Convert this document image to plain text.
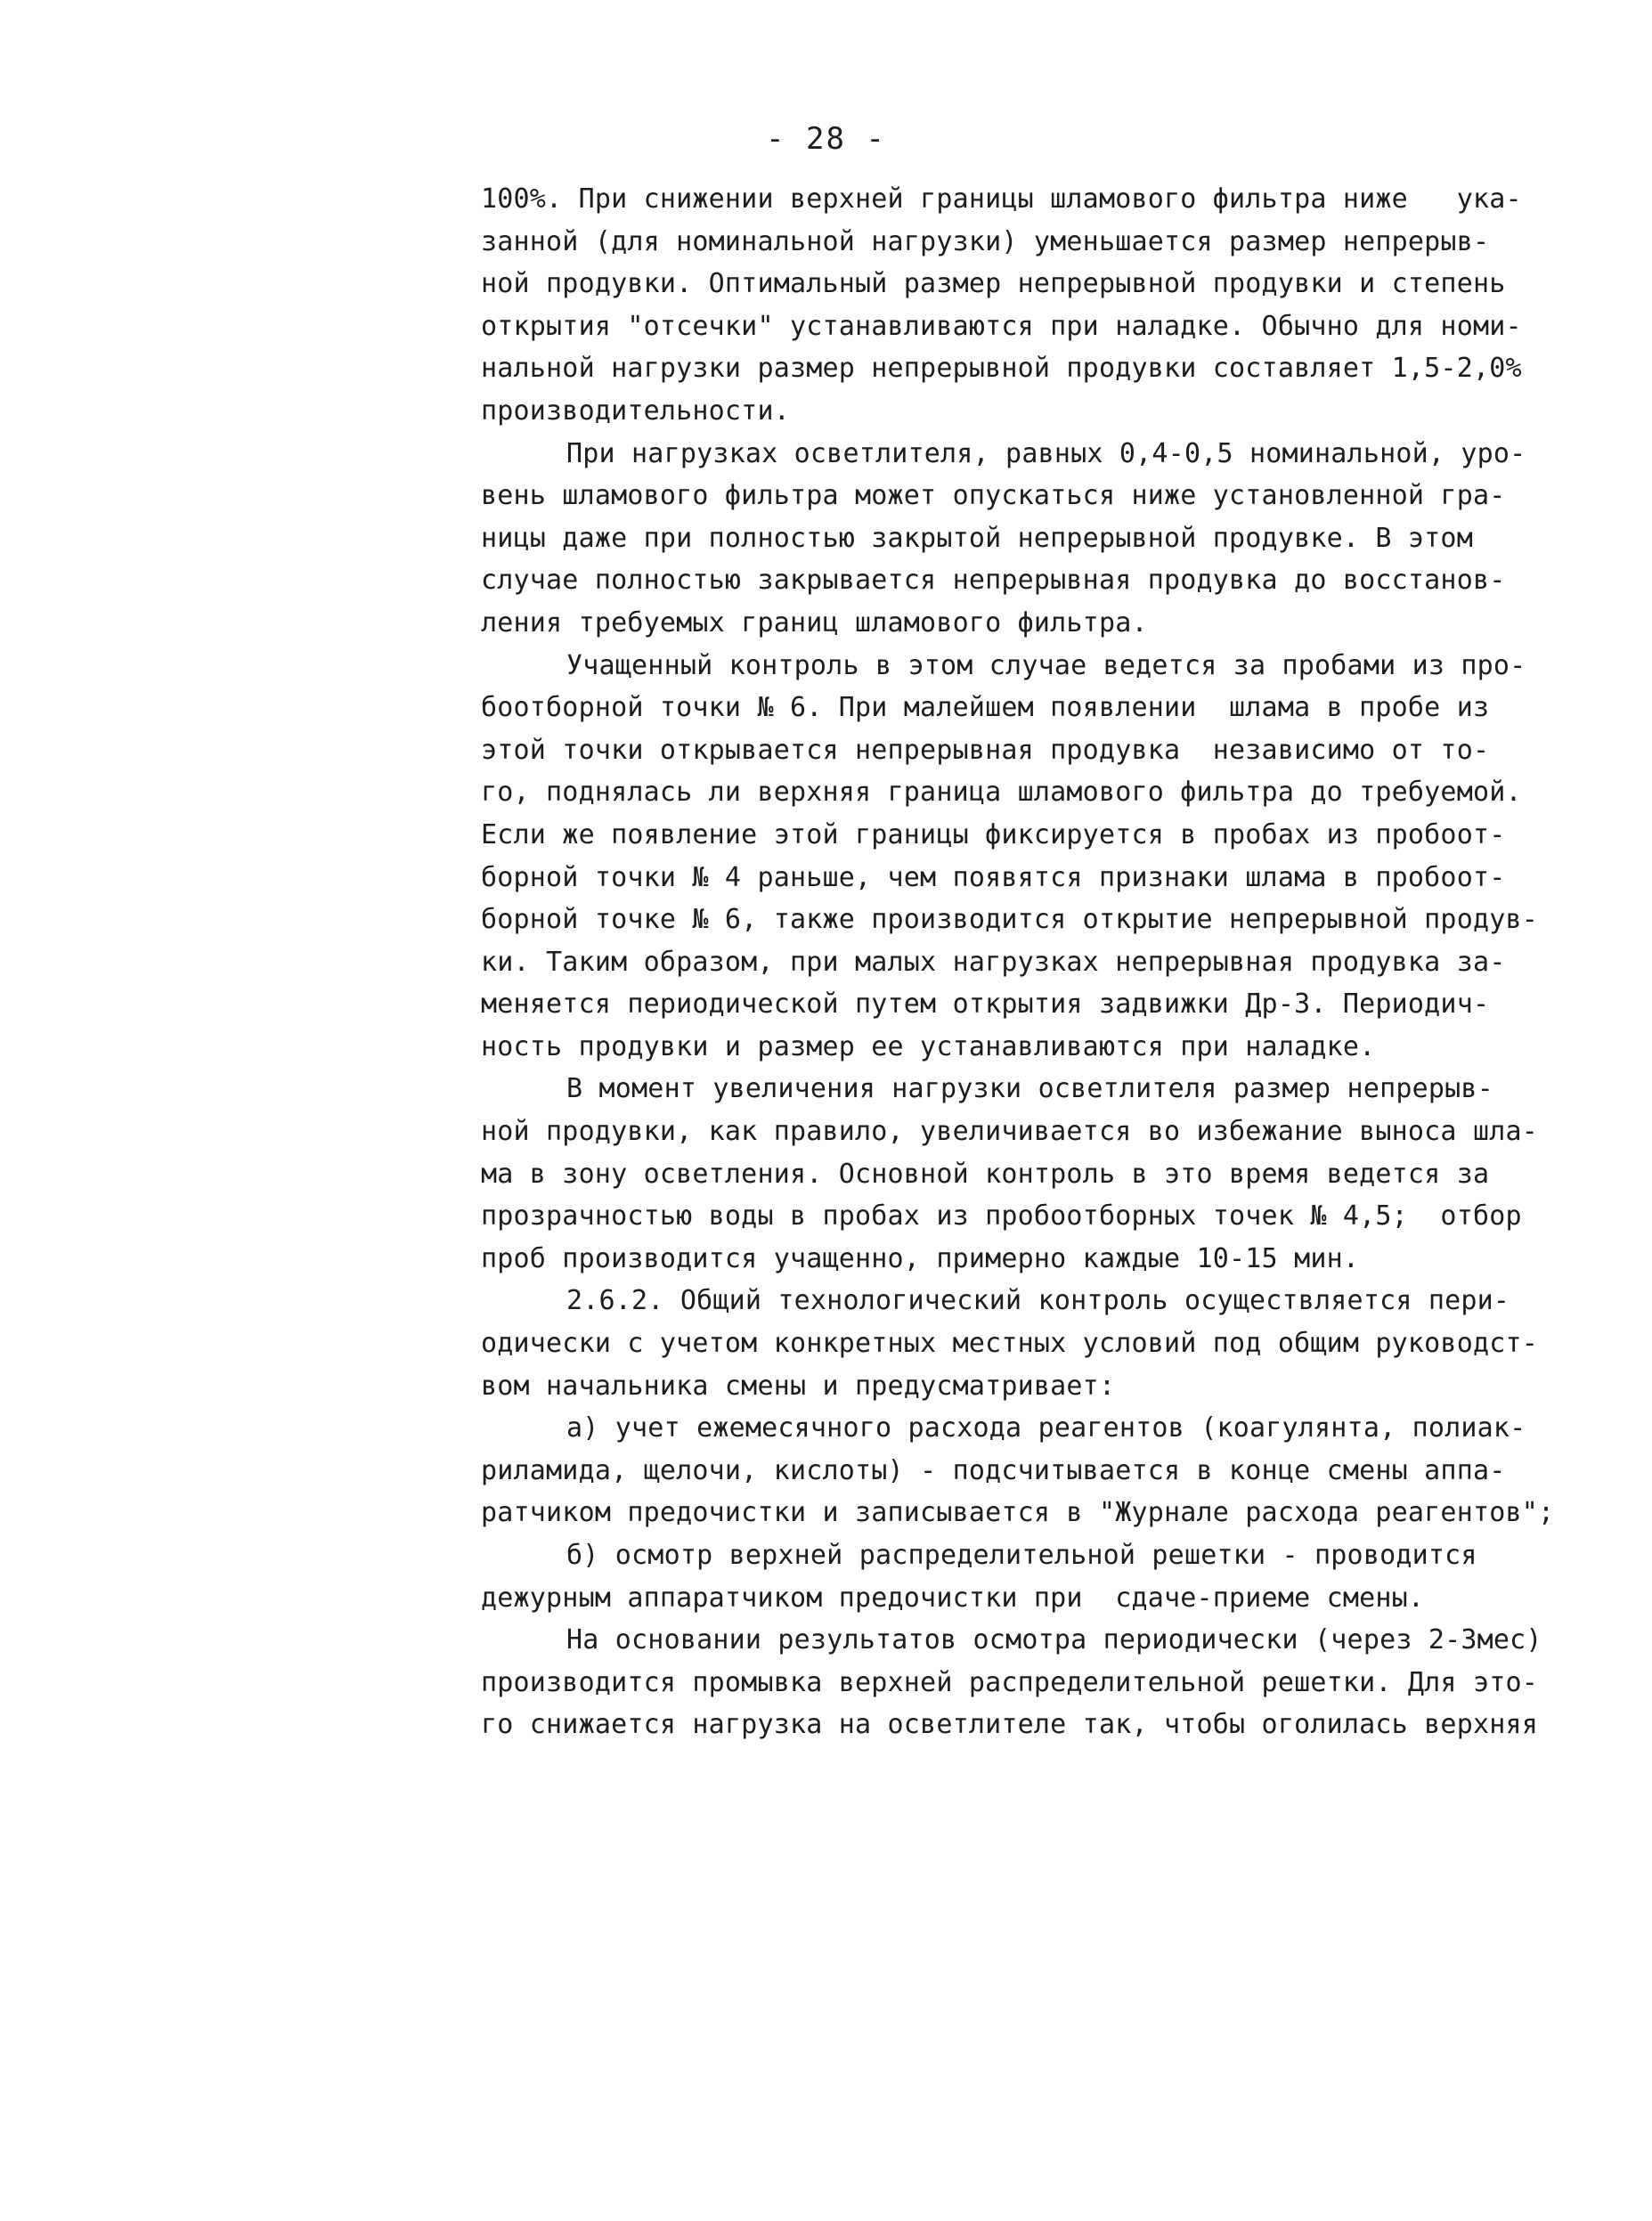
- 28 -
100%. При снижении верхней границы шламового фильтра ниже   ука-
занной (для номинальной нагрузки) уменьшается размер непрерыв-
ной продувки. Оптимальный размер непрерывной продувки и степень
открытия "отсечки" устанавливаются при наладке. Обычно для номи-
нальной нагрузки размер непрерывной продувки составляет 1,5-2,0%
производительности.
При нагрузках осветлителя, равных 0,4-0,5 номинальной, уро-
вень шламового фильтра может опускаться ниже установленной гра-
ницы даже при полностью закрытой непрерывной продувке. В этом
случае полностью закрывается непрерывная продувка до восстанов-
ления требуемых границ шламового фильтра.
Учащенный контроль в этом случае ведется за пробами из про-
боотборной точки № 6. При малейшем появлении  шлама в пробе из
этой точки открывается непрерывная продувка  независимо от то-
го, поднялась ли верхняя граница шламового фильтра до требуемой.
Если же появление этой границы фиксируется в пробах из пробоот-
борной точки № 4 раньше, чем появятся признаки шлама в пробоот-
борной точке № 6, также производится открытие непрерывной продув-
ки. Таким образом, при малых нагрузках непрерывная продувка за-
меняется периодической путем открытия задвижки Др-3. Периодич-
ность продувки и размер ее устанавливаются при наладке.
В момент увеличения нагрузки осветлителя размер непрерыв-
ной продувки, как правило, увеличивается во избежание выноса шла-
ма в зону осветления. Основной контроль в это время ведется за
прозрачностью воды в пробах из пробоотборных точек № 4,5;  отбор
проб производится учащенно, примерно каждые 10-15 мин.
2.6.2. Общий технологический контроль осуществляется пери-
одически с учетом конкретных местных условий под общим руководст-
вом начальника смены и предусматривает:
а) учет ежемесячного расхода реагентов (коагулянта, полиак-
риламида, щелочи, кислоты) - подсчитывается в конце смены аппа-
ратчиком предочистки и записывается в "Журнале расхода реагентов";
б) осмотр верхней распределительной решетки - проводится
дежурным аппаратчиком предочистки при  сдаче-приеме смены.
На основании результатов осмотра периодически (через 2-3мес)
производится промывка верхней распределительной решетки. Для это-
го снижается нагрузка на осветлителе так, чтобы оголилась верхняя
